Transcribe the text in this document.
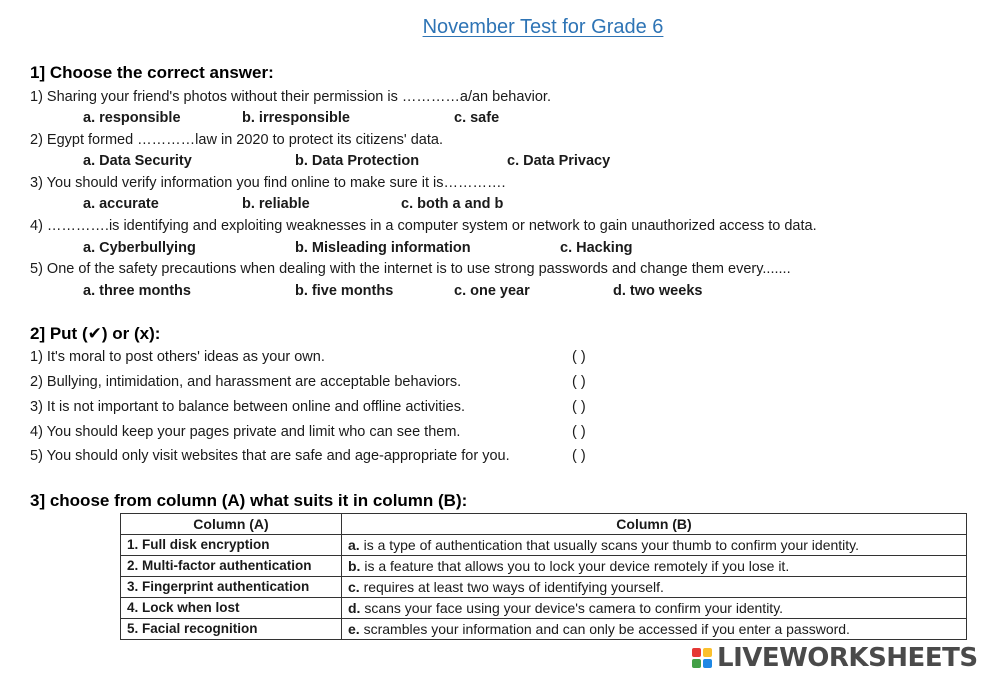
November Test for Grade 6
1] Choose the correct answer:
1) Sharing your friend's photos without their permission is …………a/an behavior.
a. responsible	b. irresponsible	c. safe
2) Egypt formed …………law in 2020 to protect its citizens' data.
a. Data Security	b. Data Protection	c. Data Privacy
3) You should verify information you find online to make sure it is………….
a. accurate	b. reliable	c. both a and b
4) ………….is identifying and exploiting weaknesses in a computer system or network to gain unauthorized access to data.
a. Cyberbullying	b. Misleading information	c. Hacking
5) One of the safety precautions when dealing with the internet is to use strong passwords and change them every.......
a. three months	b. five months	c. one year	d. two weeks
2] Put (✔) or (x):
1) It's moral to post others' ideas as your own.	( )
2) Bullying, intimidation, and harassment are acceptable behaviors.	( )
3) It is not important to balance between online and offline activities.	( )
4) You should keep your pages private and limit who can see them.	( )
5) You should only visit websites that are safe and age-appropriate for you.	( )
3] choose from column (A) what suits it in column (B):
Column (A)	Column (B)
1. Full disk encryption	a. is a type of authentication that usually scans your thumb to confirm your identity.
2. Multi-factor authentication	b. is a feature that allows you to lock your device remotely if you lose it.
3. Fingerprint authentication	c. requires at least two ways of identifying yourself.
4. Lock when lost	d. scans your face using your device's camera to confirm your identity.
5. Facial recognition	e. scrambles your information and can only be accessed if you enter a password.
LIVEWORKSHEETS
